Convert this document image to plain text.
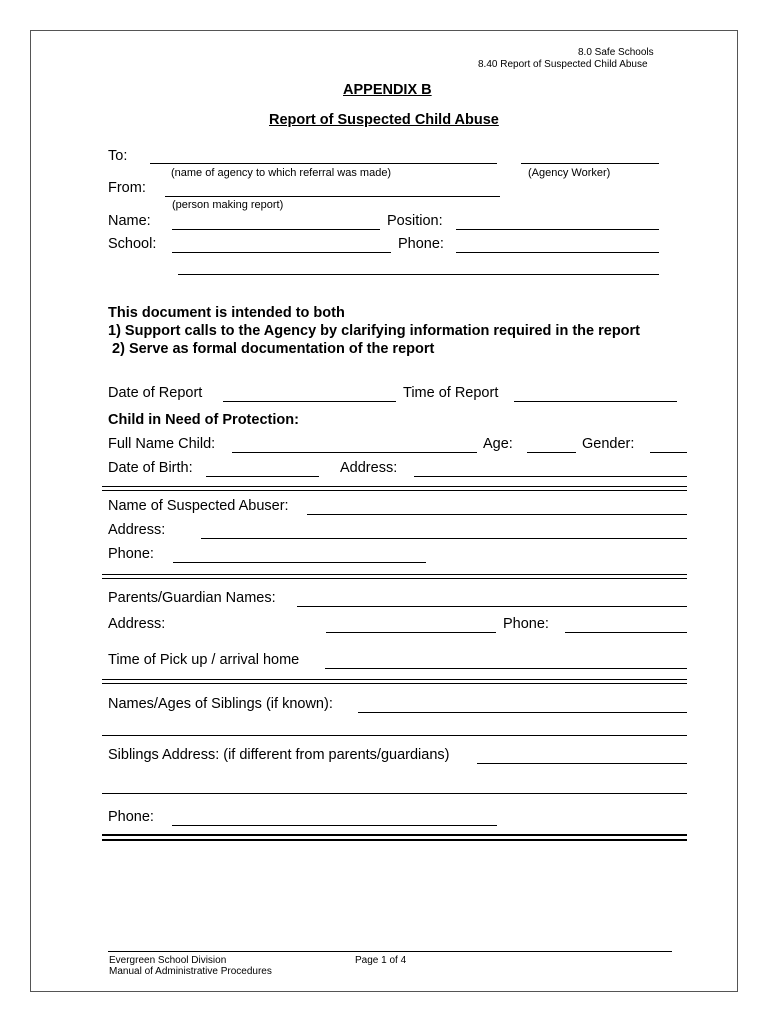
8.0 Safe Schools
8.40 Report of Suspected Child Abuse
APPENDIX B
Report of Suspected Child Abuse
To:
(name of agency to which referral was made)	(Agency Worker)
From:
(person making report)
Name:	Position:
School:	Phone:
This document is intended to both
1) Support calls to the Agency by clarifying information required in the report
2) Serve as formal documentation of the report
Date of Report	Time of Report
Child in Need of Protection:
Full Name Child:	Age:	Gender:
Date of Birth:	Address:
Name of Suspected Abuser:
Address:
Phone:
Parents/Guardian Names:
Address:	Phone:
Time of Pick up / arrival home
Names/Ages of Siblings (if known):
Siblings Address: (if different from parents/guardians)
Phone:
Evergreen School Division
Manual of Administrative Procedures
Page 1 of 4
